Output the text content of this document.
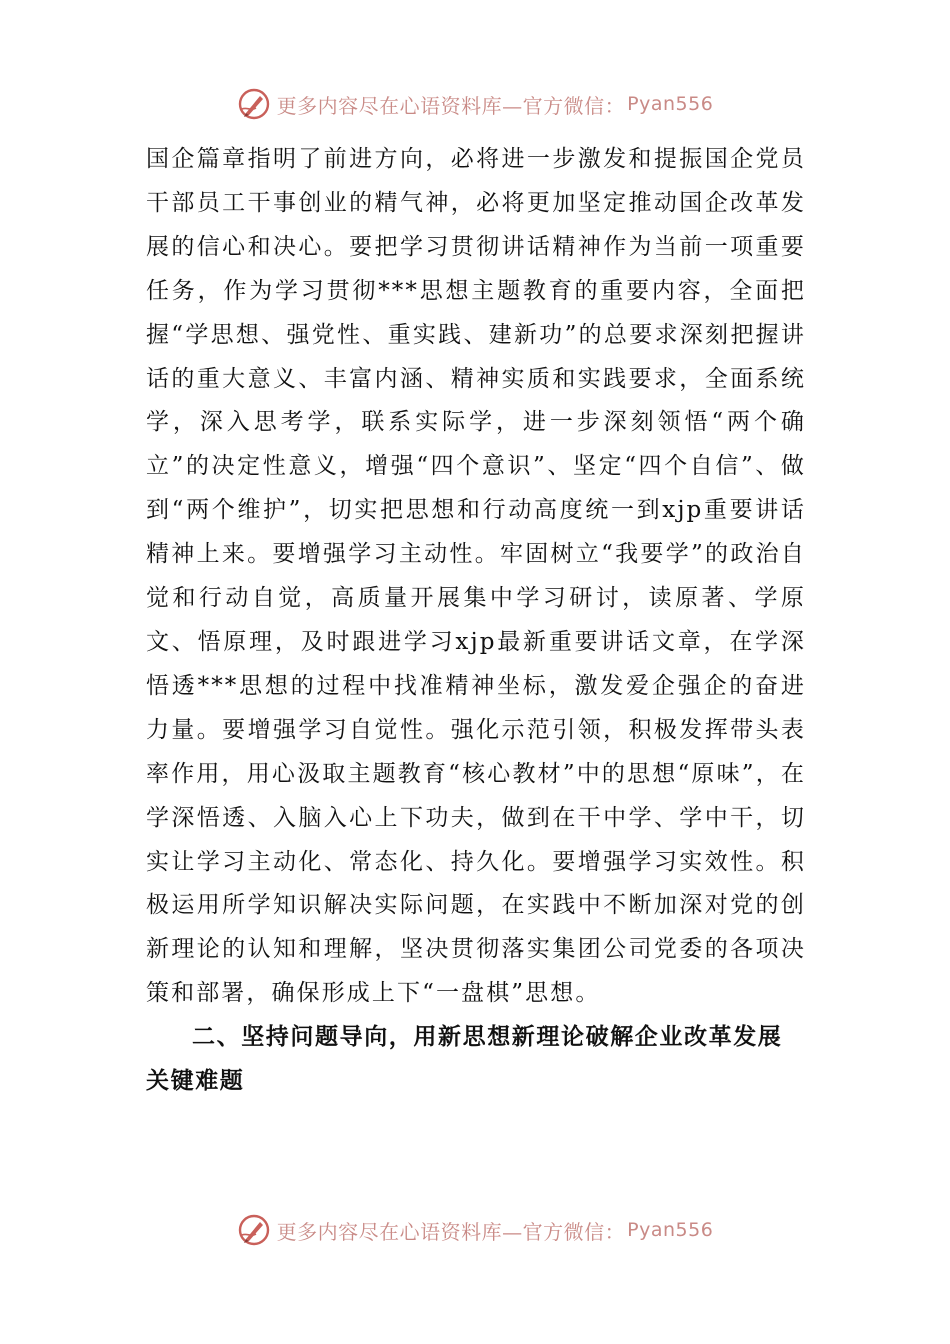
更多内容尽在心语资料库—官方微信： Pyan556

国企篇章指明了前进方向，必将进一步激发和提振国企党员干部员工干事创业的精气神，必将更加坚定推动国企改革发展的信心和决心。要把学习贯彻讲话精神作为当前一项重要任务，作为学习贯彻***思想主题教育的重要内容，全面把握“学思想、强党性、重实践、建新功”的总要求深刻把握讲话的重大意义、丰富内涵、精神实质和实践要求，全面系统学，深入思考学，联系实际学，进一步深刻领悟“两个确立”的决定性意义，增强“四个意识”、坚定“四个自信”、做到“两个维护”，切实把思想和行动高度统一到xjp重要讲话精神上来。要增强学习主动性。牢固树立“我要学”的政治自觉和行动自觉，高质量开展集中学习研讨，读原著、学原文、悟原理，及时跟进学习xjp最新重要讲话文章，在学深悟透***思想的过程中找准精神坐标，激发爱企强企的奋进力量。要增强学习自觉性。强化示范引领，积极发挥带头表率作用，用心汲取主题教育“核心教材”中的思想“原味”，在学深悟透、入脑入心上下功夫，做到在干中学、学中干，切实让学习主动化、常态化、持久化。要增强学习实效性。积极运用所学知识解决实际问题，在实践中不断加深对党的创新理论的认知和理解，坚决贯彻落实集团公司党委的各项决策和部署，确保形成上下“一盘棋”思想。

二、坚持问题导向，用新思想新理论破解企业改革发展关键难题

更多内容尽在心语资料库—官方微信： Pyan556
